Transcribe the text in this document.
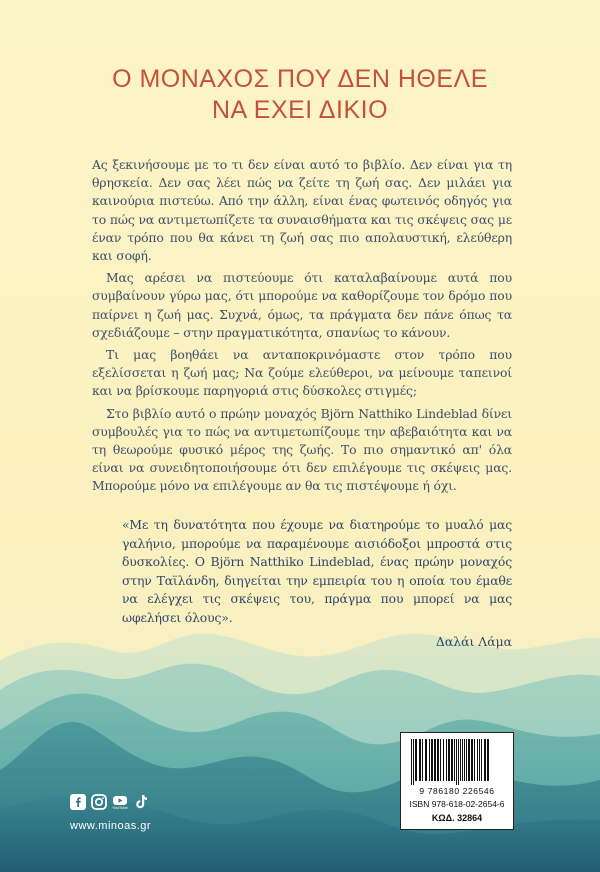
Ο ΜΟΝΑΧΟΣ ΠΟΥ ΔΕΝ ΗΘΕΛΕ
ΝΑ ΕΧΕΙ ΔΙΚΙΟ

Ας ξεκινήσουμε με το τι δεν είναι αυτό το βιβλίο. Δεν είναι για τη θρησκεία. Δεν σας λέει πώς να ζείτε τη ζωή σας. Δεν μιλάει για καινούρια πιστεύω. Από την άλλη, είναι ένας φωτεινός οδηγός για το πώς να αντιμετωπίζετε τα συναισθήματα και τις σκέψεις σας με έναν τρόπο που θα κάνει τη ζωή σας πιο απολαυστική, ελεύθερη και σοφή.

Μας αρέσει να πιστεύουμε ότι καταλαβαίνουμε αυτά που συμβαίνουν γύρω μας, ότι μπορούμε να καθορίζουμε τον δρόμο που παίρνει η ζωή μας. Συχνά, όμως, τα πράγματα δεν πάνε όπως τα σχεδιάζουμε – στην πραγματικότητα, σπανίως το κάνουν.

Τι μας βοηθάει να ανταποκρινόμαστε στον τρόπο που εξελίσσεται η ζωή μας; Να ζούμε ελεύθεροι, να μείνουμε ταπεινοί και να βρίσκουμε παρηγοριά στις δύσκολες στιγμές;

Στο βιβλίο αυτό ο πρώην μοναχός Björn Natthiko Lindeblad δίνει συμβουλές για το πώς να αντιμετωπίζουμε την αβεβαιότητα και να τη θεωρούμε φυσικό μέρος της ζωής. Το πιο σημαντικό απ' όλα είναι να συνειδητοποιήσουμε ότι δεν επιλέγουμε τις σκέψεις μας. Μπορούμε μόνο να επιλέγουμε αν θα τις πιστέψουμε ή όχι.

«Με τη δυνατότητα που έχουμε να διατηρούμε το μυαλό μας γαλήνιο, μπορούμε να παραμένουμε αισιόδοξοι μπροστά στις δυσκολίες. Ο Björn Natthiko Lindeblad, ένας πρώην μοναχός στην Ταϊλάνδη, διηγείται την εμπειρία του η οποία του έμαθε να ελέγχει τις σκέψεις του, πράγμα που μπορεί να μας ωφελήσει όλους».

Δαλάι Λάμα
YouTube
www.minoas.gr
9 786180 226546
ISBN 978-618-02-2654-6
ΚΩΔ. 32864
